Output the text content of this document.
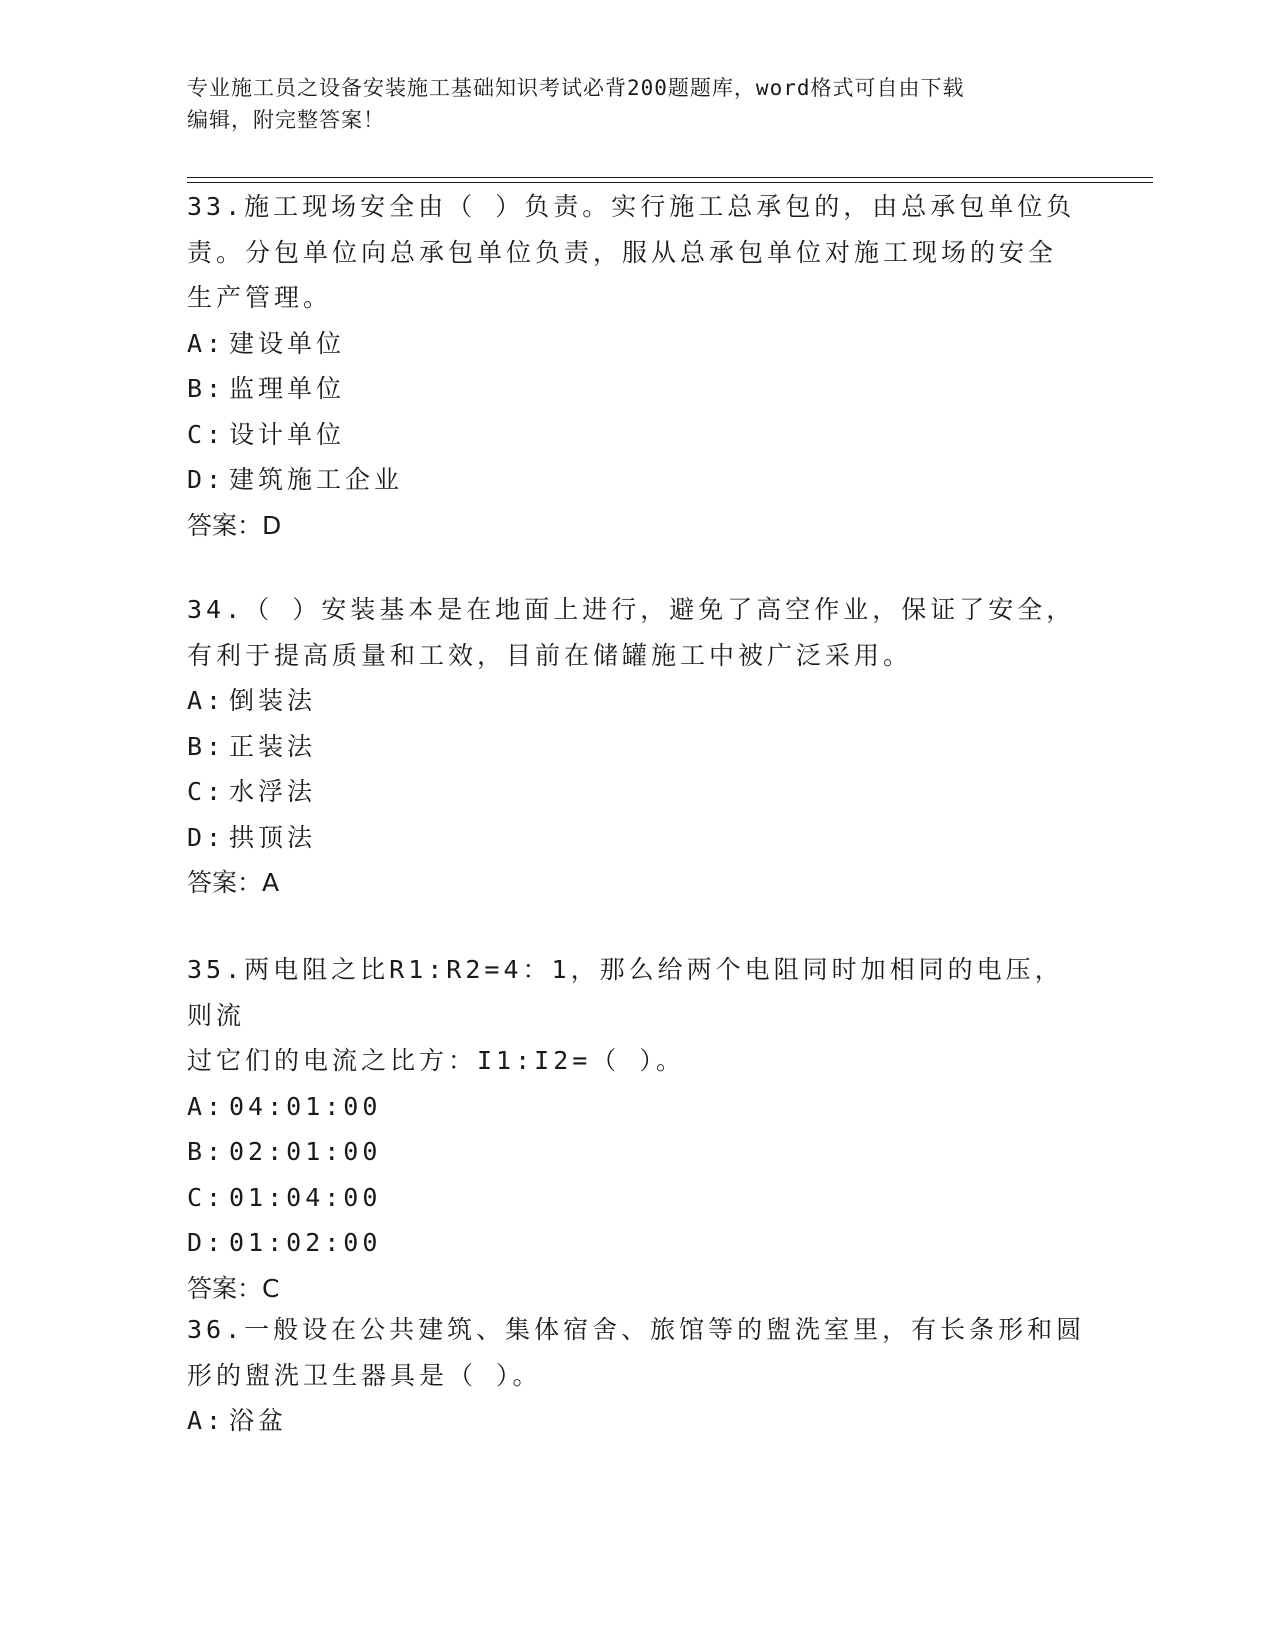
专业施工员之设备安装施工基础知识考试必背200题题库，word格式可自由下载
编辑，附完整答案！

33.施工现场安全由（ ）负责。实行施工总承包的，由总承包单位负

责。分包单位向总承包单位负责，服从总承包单位对施工现场的安全

生产管理。

A: 建设单位

B: 监理单位

C: 设计单位

D: 建筑施工企业

答案：D

34.（ ）安装基本是在地面上进行，避免了高空作业，保证了安全，

有利于提高质量和工效，目前在储罐施工中被广泛采用。

A: 倒装法

B: 正装法

C: 水浮法

D: 拱顶法

答案：A

35.两电阻之比R1:R2=4：1，那么给两个电阻同时加相同的电压，则流

过它们的电流之比方：I1:I2=（ ）。

A: 04:01:00

B: 02:01:00

C: 01:04:00

D: 01:02:00

答案：C

36.一般设在公共建筑、集体宿舍、旅馆等的盥洗室里，有长条形和圆

形的盥洗卫生器具是（ ）。

A: 浴盆
